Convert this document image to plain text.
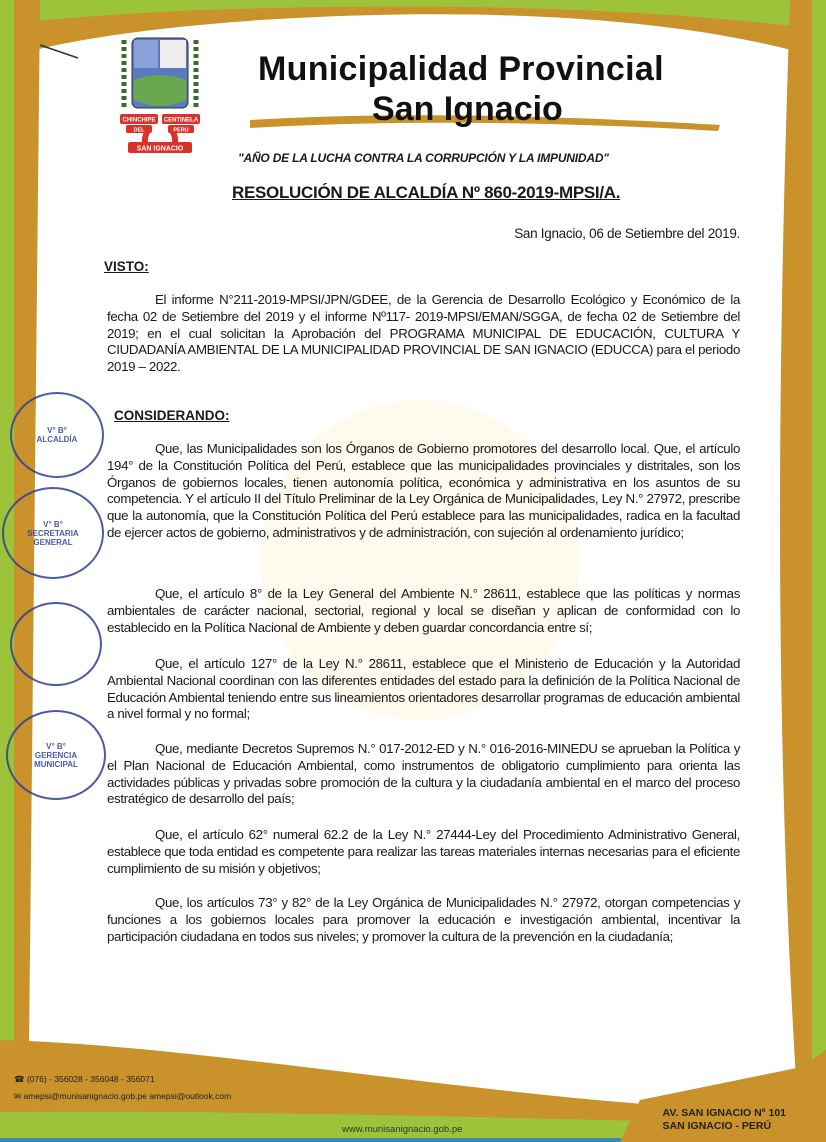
CHINCHIPE CENTINELA
DEL	PERU
SAN IGNACIO
Municipalidad Provincial
San Ignacio
"AÑO DE LA LUCHA CONTRA LA CORRUPCIÓN Y LA IMPUNIDAD"
RESOLUCIÓN DE ALCALDÍA Nº 860-2019-MPSI/A.
San Ignacio, 06 de Setiembre del 2019.
VISTO:
El informe N°211-2019-MPSI/JPN/GDEE, de la Gerencia de Desarrollo Ecológico y Económico de la fecha 02 de Setiembre del 2019 y el informe Nº117- 2019-MPSI/EMAN/SGGA, de fecha 02 de Setiembre del 2019; en el cual solicitan la Aprobación del PROGRAMA MUNICIPAL DE EDUCACIÓN, CULTURA Y CIUDADANÍA AMBIENTAL DE LA MUNICIPALIDAD PROVINCIAL DE SAN IGNACIO (EDUCCA) para el periodo 2019 – 2022.
CONSIDERANDO:
Que, las Municipalidades son los Órganos de Gobierno promotores del desarrollo local. Que, el artículo 194° de la Constitución Política del Perú, establece que las municipalidades provinciales y distritales, son los Órganos de gobiernos locales, tienen autonomía política, económica y administrativa en los asuntos de su competencia. Y el artículo II del Título Preliminar de la Ley Orgánica de Municipalidades, Ley N.° 27972, prescribe que la autonomía, que la Constitución Política del Perú establece para las municipalidades, radica en la facultad de ejercer actos de gobierno, administrativos y de administración, con sujeción al ordenamiento jurídico;
Que, el artículo 8° de la Ley General del Ambiente N.° 28611, establece que las políticas y normas ambientales de carácter nacional, sectorial, regional y local se diseñan y aplican de conformidad con lo establecido en la Política Nacional de Ambiente y deben guardar concordancia entre sí;
Que, el artículo 127° de la Ley N.° 28611, establece que el Ministerio de Educación y la Autoridad Ambiental Nacional coordinan con las diferentes entidades del estado para la definición de la Política Nacional de Educación Ambiental teniendo entre sus lineamientos orientadores desarrollar programas de educación ambiental a nivel formal y no formal;
Que, mediante Decretos Supremos N.° 017-2012-ED y N.° 016-2016-MINEDU se aprueban la Política y el Plan Nacional de Educación Ambiental, como instrumentos de obligatorio cumplimiento para orienta las actividades públicas y privadas sobre promoción de la cultura y la ciudadanía ambiental en el marco del proceso estratégico de desarrollo del país;
Que, el artículo 62° numeral 62.2 de la Ley N.° 27444-Ley del Procedimiento Administrativo General, establece que toda entidad es competente para realizar las tareas materiales internas necesarias para el eficiente cumplimiento de su misión y objetivos;
Que, los artículos 73° y 82° de la Ley Orgánica de Municipalidades N.° 27972, otorgan competencias y funciones a los gobiernos locales para promover la educación e investigación ambiental, incentivar la participación ciudadana en todos sus niveles; y promover la cultura de la prevención en la ciudadanía;
V° B°
ALCALDÍA
V° B°
SECRETARIA
GENERAL
V° B°
GERENCIA
MUNICIPAL
☎ (076) - 356028 - 356048 - 356071
✉ amepsi@munisanignacio.gob.pe amepsi@outlook.com
www.munisanignacio.gob.pe
AV. SAN IGNACIO Nº 101
SAN IGNACIO - PERÚ
